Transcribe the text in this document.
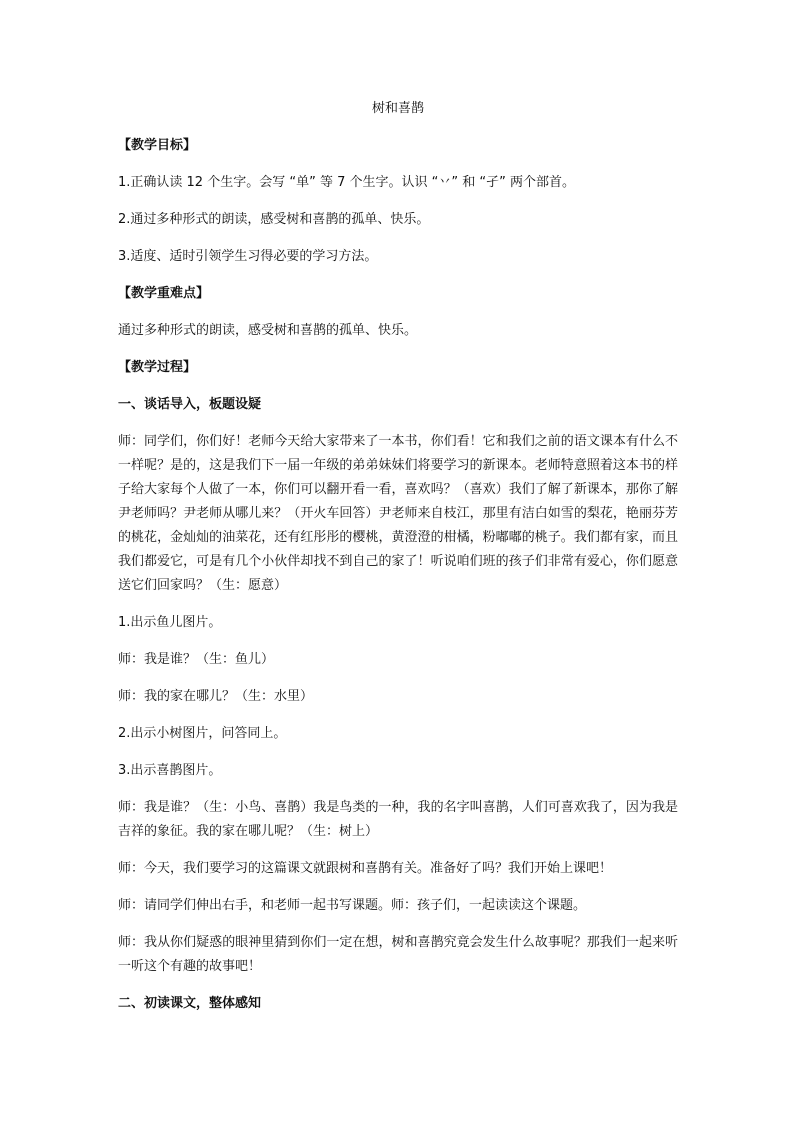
树和喜鹊
【教学目标】
1.正确认读 12 个生字。会写 “单” 等 7 个生字。认识 “丷” 和 “孑” 两个部首。
2.通过多种形式的朗读，感受树和喜鹊的孤单、快乐。
3.适度、适时引领学生习得必要的学习方法。
【教学重难点】
通过多种形式的朗读，感受树和喜鹊的孤单、快乐。
【教学过程】
一、谈话导入，板题设疑
师：同学们，你们好！老师今天给大家带来了一本书，你们看！它和我们之前的语文课本有什么不一样呢？是的，这是我们下一届一年级的弟弟妹妹们将要学习的新课本。老师特意照着这本书的样子给大家每个人做了一本，你们可以翻开看一看，喜欢吗？（喜欢）我们了解了新课本，那你了解尹老师吗？尹老师从哪儿来？（开火车回答）尹老师来自枝江，那里有洁白如雪的梨花，艳丽芬芳的桃花，金灿灿的油菜花，还有红彤彤的樱桃，黄澄澄的柑橘，粉嘟嘟的桃子。我们都有家，而且我们都爱它，可是有几个小伙伴却找不到自己的家了！听说咱们班的孩子们非常有爱心，你们愿意送它们回家吗？（生：愿意）
1.出示鱼儿图片。
师：我是谁？（生：鱼儿）
师：我的家在哪儿？（生：水里）
2.出示小树图片，问答同上。
3.出示喜鹊图片。
师：我是谁？（生：小鸟、喜鹊）我是鸟类的一种，我的名字叫喜鹊，人们可喜欢我了，因为我是吉祥的象征。我的家在哪儿呢？（生：树上）
师：今天，我们要学习的这篇课文就跟树和喜鹊有关。准备好了吗？我们开始上课吧！
师：请同学们伸出右手，和老师一起书写课题。师：孩子们，一起读读这个课题。
师：我从你们疑惑的眼神里猜到你们一定在想，树和喜鹊究竟会发生什么故事呢？那我们一起来听一听这个有趣的故事吧！
二、初读课文，整体感知
